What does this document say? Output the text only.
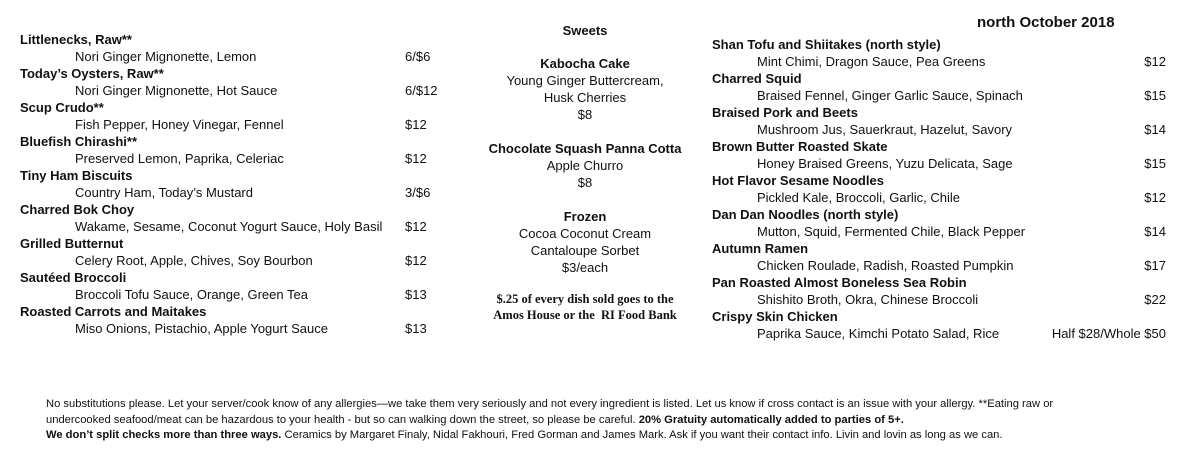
north October 2018
Littlenecks, Raw**
Nori Ginger Mignonette, Lemon	6/$6
Today’s Oysters, Raw**
Nori Ginger Mignonette, Hot Sauce	6/$12
Scup Crudo**
Fish Pepper, Honey Vinegar, Fennel	$12
Bluefish Chirashi**
Preserved Lemon, Paprika, Celeriac	$12
Tiny Ham Biscuits
Country Ham, Today’s Mustard	3/$6
Charred Bok Choy
Wakame, Sesame, Coconut Yogurt Sauce, Holy Basil $12
Grilled Butternut
Celery Root, Apple, Chives, Soy Bourbon	$12
Sautéed Broccoli
Broccoli Tofu Sauce, Orange, Green Tea	$13
Roasted Carrots and Maitakes
Miso Onions, Pistachio, Apple Yogurt Sauce	$13
Sweets
Kabocha Cake
Young Ginger Buttercream,
Husk Cherries
$8
Chocolate Squash Panna Cotta
Apple Churro
$8
Frozen
Cocoa Coconut Cream
Cantaloupe Sorbet
$3/each
$.25 of every dish sold goes to the
Amos House or the  RI Food Bank
Shan Tofu and Shiitakes (north style)
Mint Chimi, Dragon Sauce, Pea Greens	$12
Charred Squid
Braised Fennel, Ginger Garlic Sauce, Spinach	$15
Braised Pork and Beets
Mushroom Jus, Sauerkraut, Hazelut, Savory	$14
Brown Butter Roasted Skate
Honey Braised Greens, Yuzu Delicata, Sage	$15
Hot Flavor Sesame Noodles
Pickled Kale, Broccoli, Garlic, Chile	$12
Dan Dan Noodles (north style)
Mutton, Squid, Fermented Chile, Black Pepper	$14
Autumn Ramen
Chicken Roulade, Radish, Roasted Pumpkin	$17
Pan Roasted Almost Boneless Sea Robin
Shishito Broth, Okra, Chinese Broccoli	$22
Crispy Skin Chicken
Paprika Sauce, Kimchi Potato Salad, Rice	Half $28/Whole $50
No substitutions please. Let your server/cook know of any allergies—we take them very seriously and not every ingredient is listed. Let us know if cross contact is an issue with your allergy. **Eating raw or
undercooked seafood/meat can be hazardous to your health - but so can walking down the street, so please be careful. 20% Gratuity automatically added to parties of 5+.
We don’t split checks more than three ways. Ceramics by Margaret Finaly, Nidal Fakhouri, Fred Gorman and James Mark. Ask if you want their contact info. Livin and lovin as long as we can.
